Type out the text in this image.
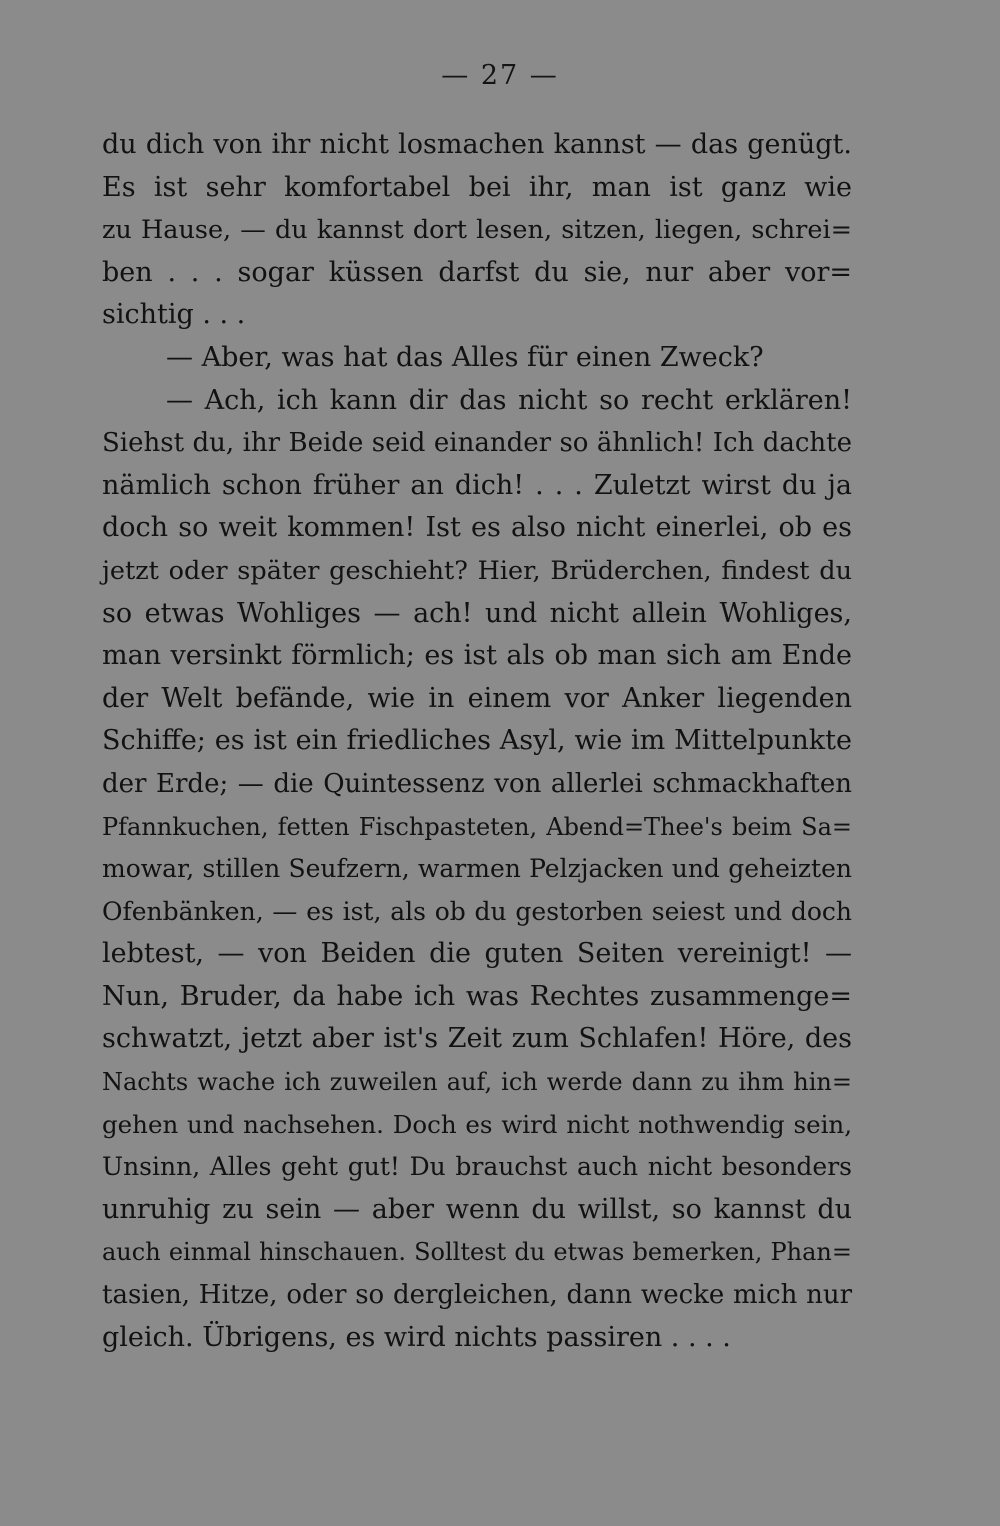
— 27 —
du dich von ihr nicht losmachen kannst — das genügt.
Es ist sehr komfortabel bei ihr, man ist ganz wie
zu Hause, — du kannst dort lesen, sitzen, liegen, schrei=
ben . . . sogar küssen darfst du sie, nur aber vor=
sichtig . . .
— Aber, was hat das Alles für einen Zweck?
— Ach, ich kann dir das nicht so recht erklären!
Siehst du, ihr Beide seid einander so ähnlich! Ich dachte
nämlich schon früher an dich! . . . Zuletzt wirst du ja
doch so weit kommen! Ist es also nicht einerlei, ob es
jetzt oder später geschieht? Hier, Brüderchen, findest du
so etwas Wohliges — ach! und nicht allein Wohliges,
man versinkt förmlich; es ist als ob man sich am Ende
der Welt befände, wie in einem vor Anker liegenden
Schiffe; es ist ein friedliches Asyl, wie im Mittelpunkte
der Erde; — die Quintessenz von allerlei schmackhaften
Pfannkuchen, fetten Fischpasteten, Abend=Thee's beim Sa=
mowar, stillen Seufzern, warmen Pelzjacken und geheizten
Ofenbänken, — es ist, als ob du gestorben seiest und doch
lebtest, — von Beiden die guten Seiten vereinigt! —
Nun, Bruder, da habe ich was Rechtes zusammenge=
schwatzt, jetzt aber ist's Zeit zum Schlafen! Höre, des
Nachts wache ich zuweilen auf, ich werde dann zu ihm hin=
gehen und nachsehen. Doch es wird nicht nothwendig sein,
Unsinn, Alles geht gut! Du brauchst auch nicht besonders
unruhig zu sein — aber wenn du willst, so kannst du
auch einmal hinschauen. Solltest du etwas bemerken, Phan=
tasien, Hitze, oder so dergleichen, dann wecke mich nur
gleich. Übrigens, es wird nichts passiren . . . .
